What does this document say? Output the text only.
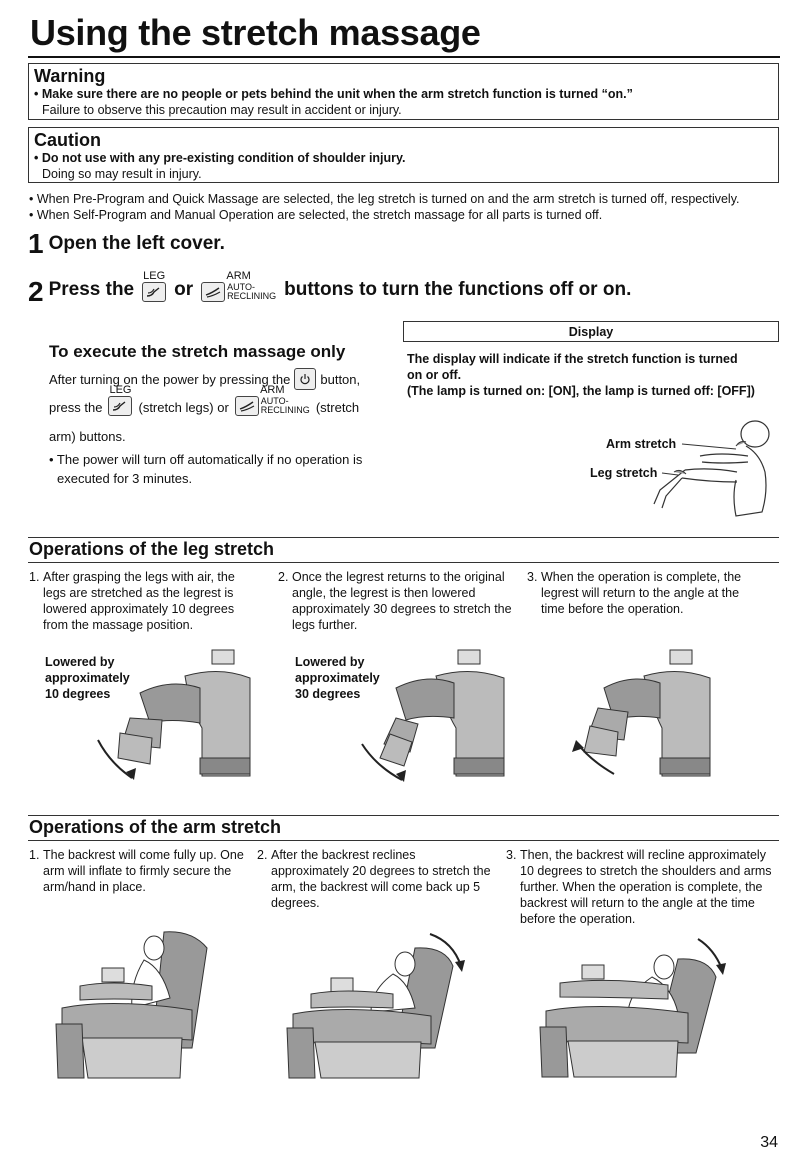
Using the stretch massage
Warning
• Make sure there are no people or pets behind the unit when the arm stretch function is turned “on.”
Failure to observe this precaution may result in accident or injury.
Caution
• Do not use with any pre-existing condition of shoulder injury.
Doing so may result in injury.
• When Pre-Program and Quick Massage are selected, the leg stretch is turned on and the arm stretch is turned off, respectively.
• When Self-Program and Manual Operation are selected, the stretch massage for all parts is turned off.
1 Open the left cover.
2 Press the
LEG
or
ARM
AUTO-
RECLINING buttons to turn the functions off or on.
To execute the stretch massage only
After turning on the power by pressing the button,
press the
LEG
(stretch legs) or
ARM
AUTO-
RECLINING (stretch
arm) buttons.
• The power will turn off automatically if no operation is
executed for 3 minutes.
Display
The display will indicate if the stretch function is turned
on or off.
(The lamp is turned on: [ON], the lamp is turned off: [OFF])
Arm stretch
Leg stretch
Operations of the leg stretch
1. After grasping the legs with air, the legs are stretched as the legrest is lowered approximately 10 degrees from the massage position.
2. Once the legrest returns to the original angle, the legrest is then lowered approximately 30 degrees to stretch the legs further.
3. When the operation is complete, the legrest will return to the angle at the time before the operation.
Lowered by
approximately
10 degrees
Lowered by
approximately
30 degrees
Operations of the arm stretch
1. The backrest will come fully up. One arm will inflate to firmly secure the arm/hand in place.
2. After the backrest reclines approximately 20 degrees to stretch the arm, the backrest will come back up 5 degrees.
3. Then, the backrest will recline approximately 10 degrees to stretch the shoulders and arms further. When the operation is complete, the backrest will return to the angle at the time before the operation.
34
